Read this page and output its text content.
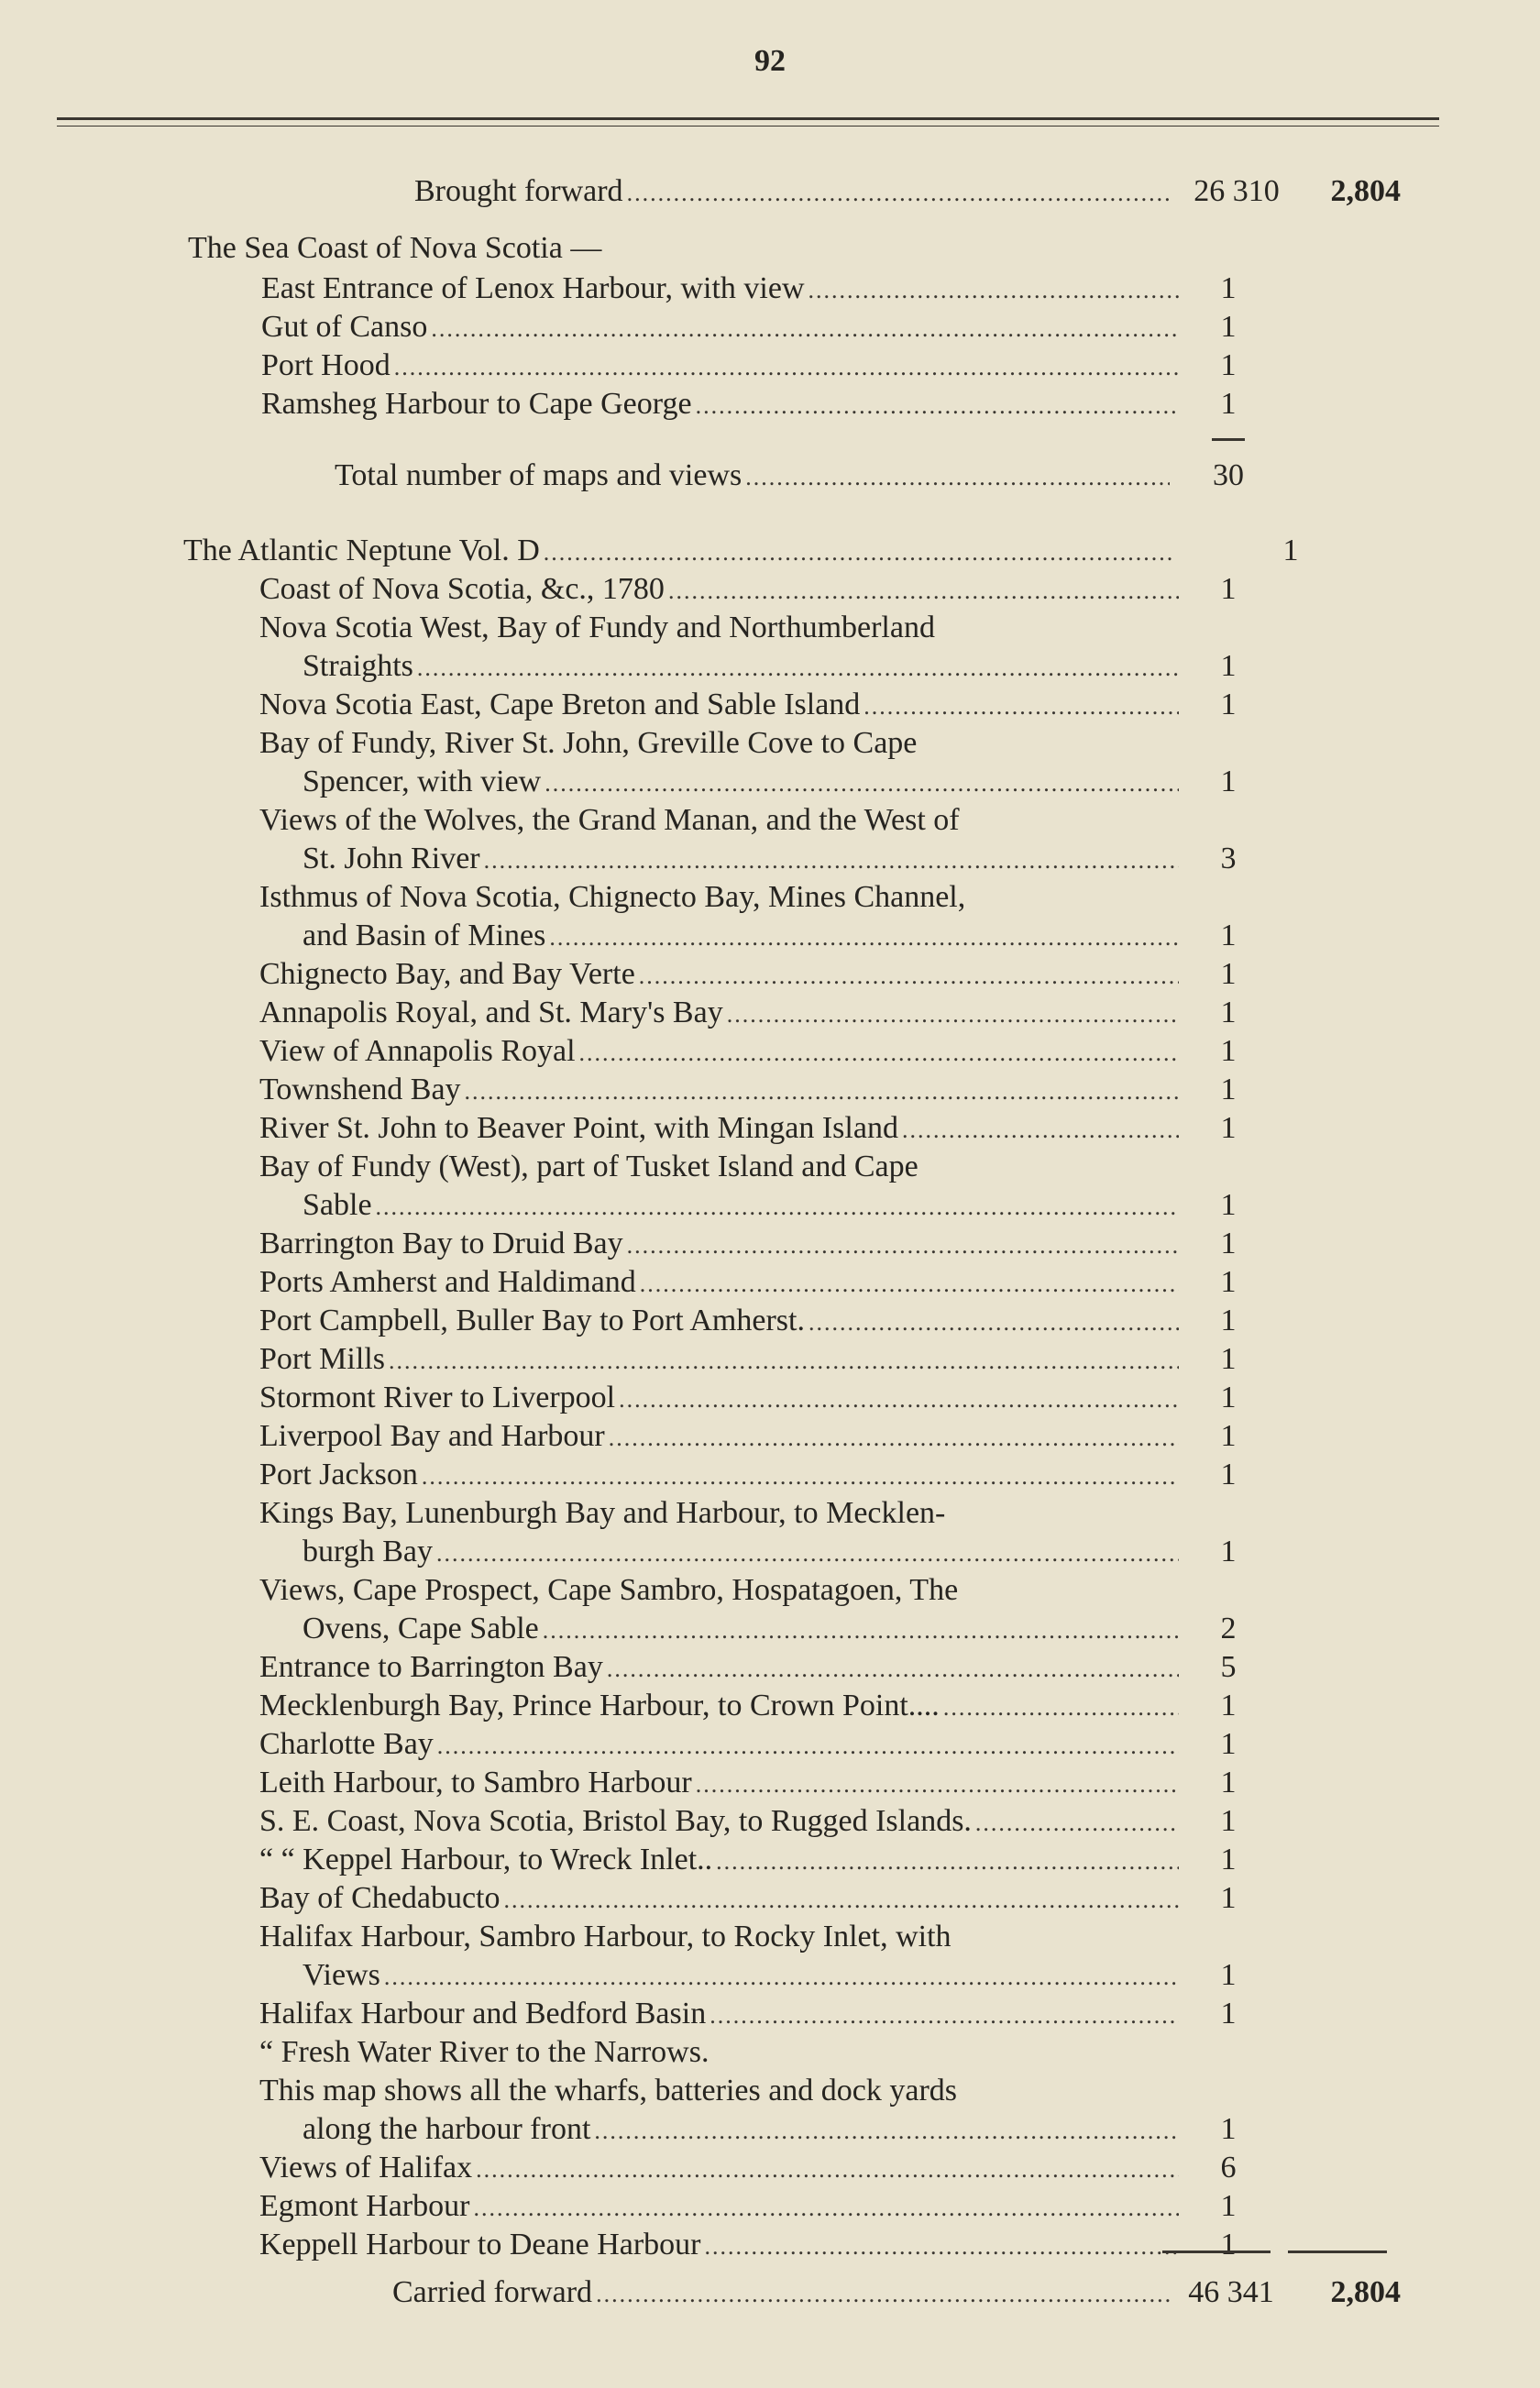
92
Brought forward .....	26 310	2,804
The Sea Coast of Nova Scotia —
East Entrance of Lenox Harbour, with view .....	1
Gut of Canso .....	1
Port Hood .....	1
Ramsheg Harbour to Cape George .....	1
Total number of maps and views .....	30
The Atlantic Neptune Vol. D .....	1
Coast of Nova Scotia, &c., 1780 .....	1
Nova Scotia West, Bay of Fundy and Northumberland
Straights .....	1
Nova Scotia East, Cape Breton and Sable Island .....	1
Bay of Fundy, River St. John, Greville Cove to Cape
Spencer, with view .....	1
Views of the Wolves, the Grand Manan, and the West of
St. John River .....	3
Isthmus of Nova Scotia, Chignecto Bay, Mines Channel,
and Basin of Mines .....	1
Chignecto Bay, and Bay Verte .....	1
Annapolis Royal, and St. Mary's Bay .....	1
View of Annapolis Royal .....	1
Townshend Bay .....	1
River St. John to Beaver Point, with Mingan Island .....	1
Bay of Fundy (West), part of Tusket Island and Cape
Sable .....	1
Barrington Bay to Druid Bay .....	1
Ports Amherst and Haldimand .....	1
Port Campbell, Buller Bay to Port Amherst. .....	1
Port Mills .....	1
Stormont River to Liverpool .....	1
Liverpool Bay and Harbour .....	1
Port Jackson .....	1
Kings Bay, Lunenburgh Bay and Harbour, to Mecklen-
burgh Bay .....	1
Views, Cape Prospect, Cape Sambro, Hospatagoen, The
Ovens, Cape Sable .....	2
Entrance to Barrington Bay .....	5
Mecklenburgh Bay, Prince Harbour, to Crown Point.... .....	1
Charlotte Bay .....	1
Leith Harbour, to Sambro Harbour .....	1
S. E. Coast, Nova Scotia, Bristol Bay, to Rugged Islands. .....	1
“ “ Keppel Harbour, to Wreck Inlet.. .....	1
Bay of Chedabucto .....	1
Halifax Harbour, Sambro Harbour, to Rocky Inlet, with
Views .....	1
Halifax Harbour and Bedford Basin .....	1
“ Fresh Water River to the Narrows.
This map shows all the wharfs, batteries and dock yards
along the harbour front .....	1
Views of Halifax .....	6
Egmont Harbour .....	1
Keppell Harbour to Deane Harbour .....	1
Carried forward .....	46 341	2,804
